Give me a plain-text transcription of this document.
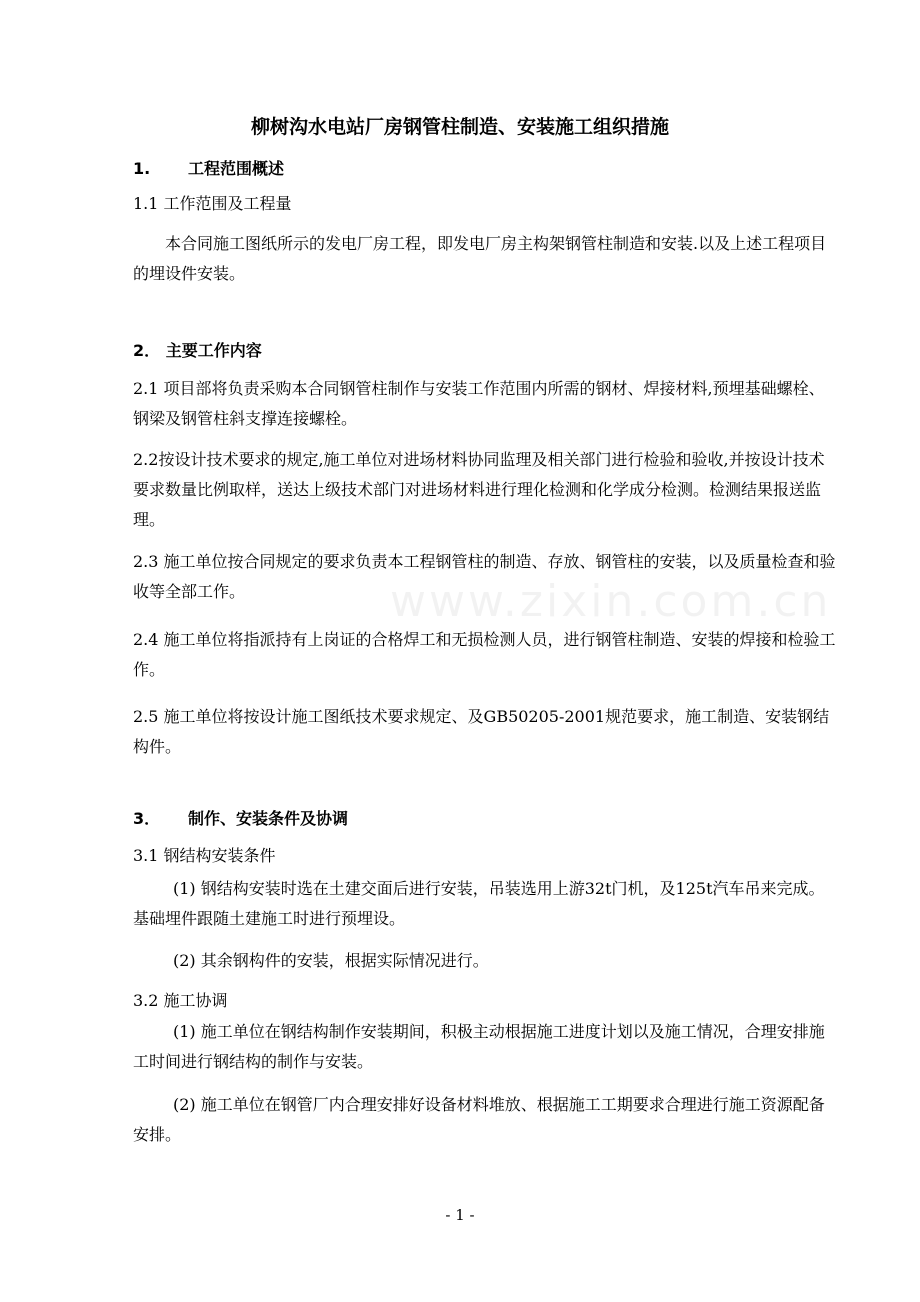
www.zixin.com.cn
柳树沟水电站厂房钢管柱制造、安装施工组织措施
1. 工程范围概述
1.1 工作范围及工程量
本合同施工图纸所示的发电厂房工程，即发电厂房主构架钢管柱制造和安装.以及上述工程项目的埋设件安装。
2． 主要工作内容
2.1 项目部将负责采购本合同钢管柱制作与安装工作范围内所需的钢材、焊接材料,预埋基础螺栓、钢梁及钢管柱斜支撑连接螺栓。
2.2按设计技术要求的规定,施工单位对进场材料协同监理及相关部门进行检验和验收,并按设计技术要求数量比例取样，送达上级技术部门对进场材料进行理化检测和化学成分检测。检测结果报送监理。
2.3 施工单位按合同规定的要求负责本工程钢管柱的制造、存放、钢管柱的安装，以及质量检查和验收等全部工作。
2.4 施工单位将指派持有上岗证的合格焊工和无损检测人员，进行钢管柱制造、安装的焊接和检验工作。
2.5 施工单位将按设计施工图纸技术要求规定、及GB50205-2001规范要求，施工制造、安装钢结构件。
3． 制作、安装条件及协调
3.1 钢结构安装条件
(1) 钢结构安装时选在土建交面后进行安装，吊装选用上游32t门机，及125t汽车吊来完成。基础埋件跟随土建施工时进行预埋设。
(2) 其余钢构件的安装，根据实际情况进行。
3.2 施工协调
(1) 施工单位在钢结构制作安装期间，积极主动根据施工进度计划以及施工情况，合理安排施工时间进行钢结构的制作与安装。
(2) 施工单位在钢管厂内合理安排好设备材料堆放、根据施工工期要求合理进行施工资源配备安排。
- 1 -
